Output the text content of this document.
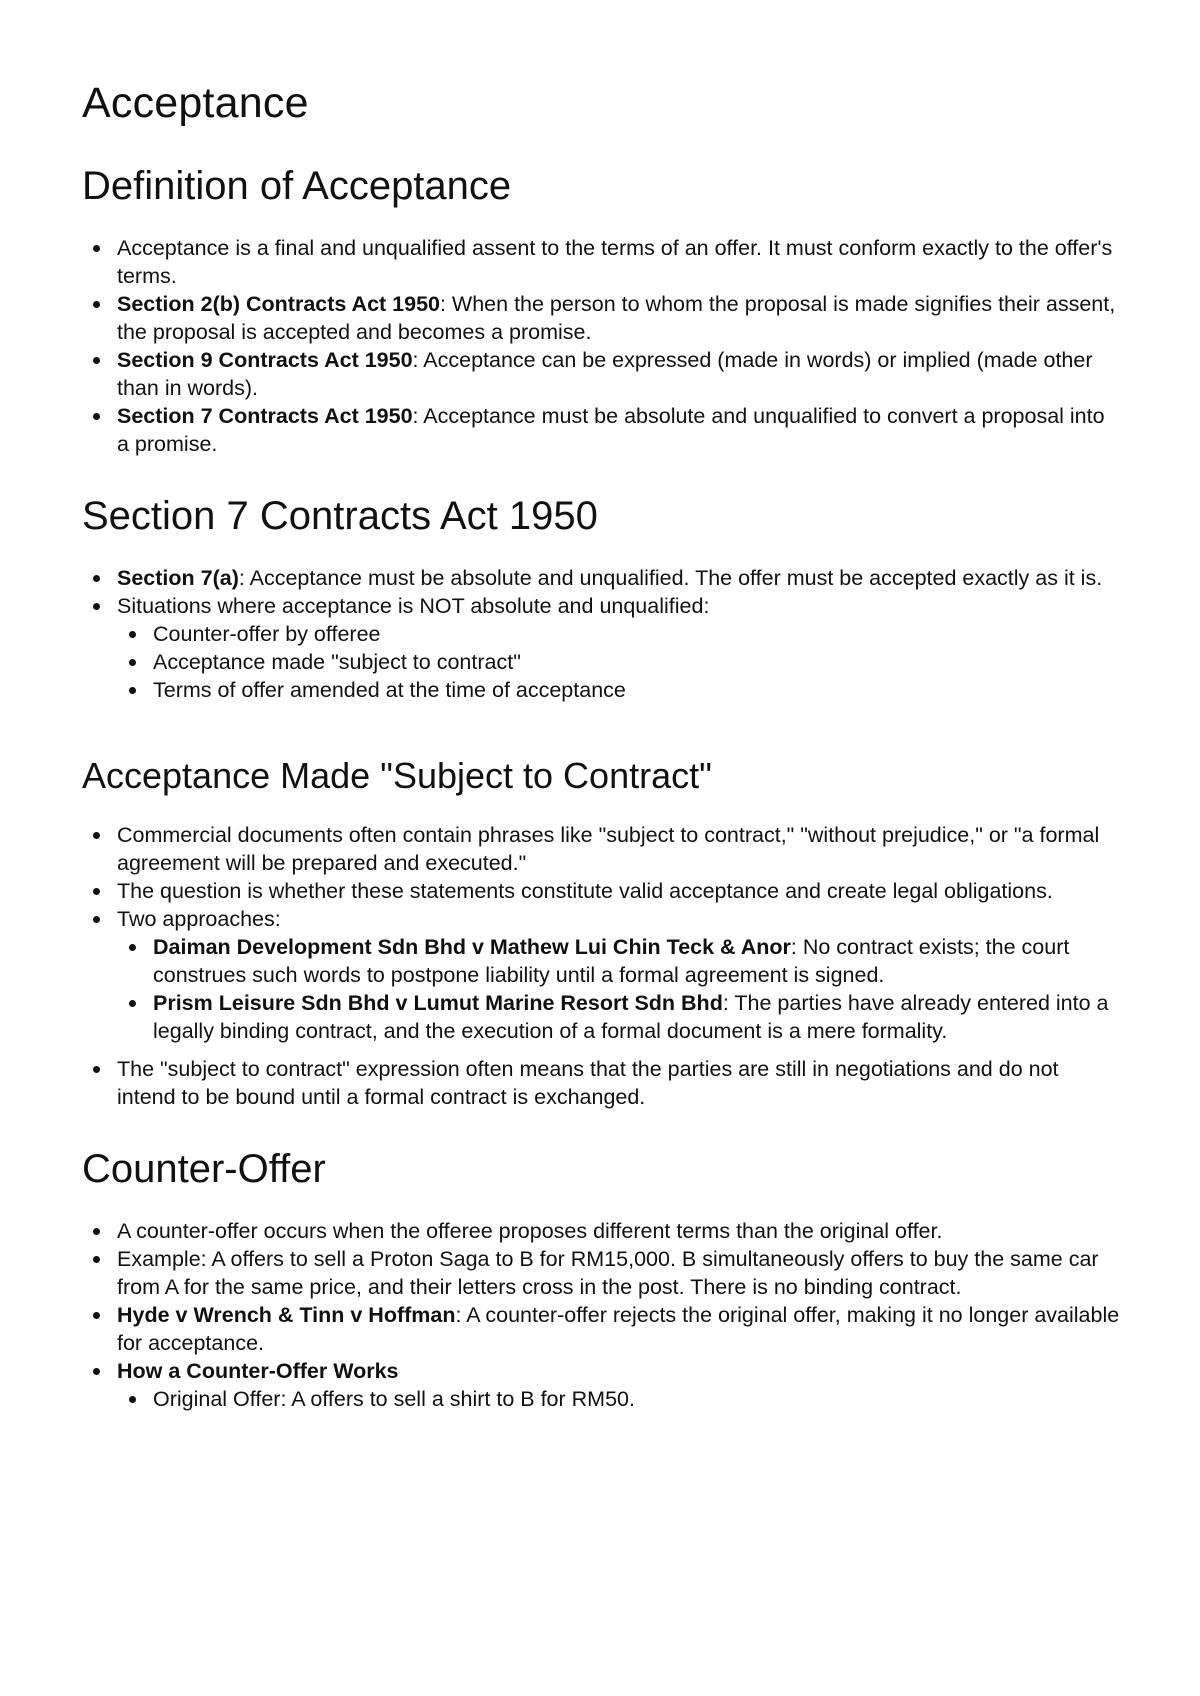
Acceptance
Definition of Acceptance
Acceptance is a final and unqualified assent to the terms of an offer. It must conform exactly to the offer's terms.
Section 2(b) Contracts Act 1950: When the person to whom the proposal is made signifies their assent, the proposal is accepted and becomes a promise.
Section 9 Contracts Act 1950: Acceptance can be expressed (made in words) or implied (made other than in words).
Section 7 Contracts Act 1950: Acceptance must be absolute and unqualified to convert a proposal into a promise.
Section 7 Contracts Act 1950
Section 7(a): Acceptance must be absolute and unqualified. The offer must be accepted exactly as it is.
Situations where acceptance is NOT absolute and unqualified:
Counter-offer by offeree
Acceptance made "subject to contract"
Terms of offer amended at the time of acceptance
Acceptance Made "Subject to Contract"
Commercial documents often contain phrases like "subject to contract," "without prejudice," or "a formal agreement will be prepared and executed."
The question is whether these statements constitute valid acceptance and create legal obligations.
Two approaches:
Daiman Development Sdn Bhd v Mathew Lui Chin Teck & Anor: No contract exists; the court construes such words to postpone liability until a formal agreement is signed.
Prism Leisure Sdn Bhd v Lumut Marine Resort Sdn Bhd: The parties have already entered into a legally binding contract, and the execution of a formal document is a mere formality.
The "subject to contract" expression often means that the parties are still in negotiations and do not intend to be bound until a formal contract is exchanged.
Counter-Offer
A counter-offer occurs when the offeree proposes different terms than the original offer.
Example: A offers to sell a Proton Saga to B for RM15,000. B simultaneously offers to buy the same car from A for the same price, and their letters cross in the post. There is no binding contract.
Hyde v Wrench & Tinn v Hoffman: A counter-offer rejects the original offer, making it no longer available for acceptance.
How a Counter-Offer Works
Original Offer: A offers to sell a shirt to B for RM50.
